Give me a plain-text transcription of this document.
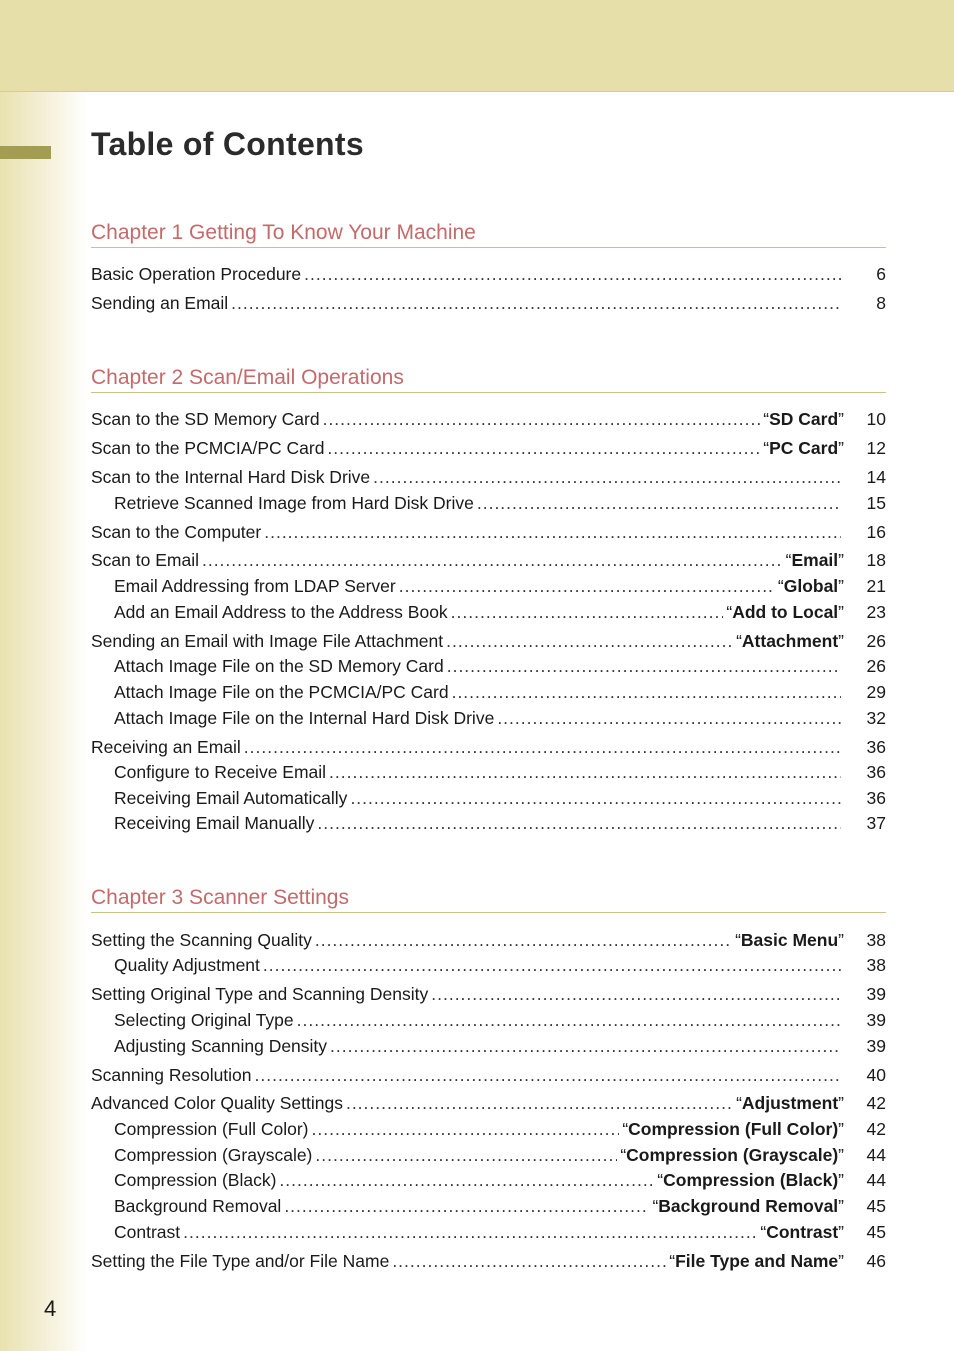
Table of Contents
Chapter 1 Getting To Know Your Machine
Basic Operation Procedure .....	6
Sending an Email .....	8
Chapter 2 Scan/Email Operations
Scan to the SD Memory Card .....	“SD Card”	10
Scan to the PCMCIA/PC Card .....	“PC Card”	12
Scan to the Internal Hard Disk Drive .....	14
Retrieve Scanned Image from Hard Disk Drive .....	15
Scan to the Computer .....	16
Scan to Email .....	“Email”	18
Email Addressing from LDAP Server .....	“Global”	21
Add an Email Address to the Address Book .....	“Add to Local”	23
Sending an Email with Image File Attachment .....	“Attachment”	26
Attach Image File on the SD Memory Card .....	26
Attach Image File on the PCMCIA/PC Card .....	29
Attach Image File on the Internal Hard Disk Drive .....	32
Receiving an Email .....	36
Configure to Receive Email .....	36
Receiving Email Automatically .....	36
Receiving Email Manually .....	37
Chapter 3 Scanner Settings
Setting the Scanning Quality .....	“Basic Menu”	38
Quality Adjustment .....	38
Setting Original Type and Scanning Density .....	39
Selecting Original Type .....	39
Adjusting Scanning Density .....	39
Scanning Resolution .....	40
Advanced Color Quality Settings .....	“Adjustment”	42
Compression (Full Color) .....	“Compression (Full Color)”	42
Compression (Grayscale) .....	“Compression (Grayscale)”	44
Compression (Black) .....	“Compression (Black)”	44
Background Removal .....	“Background Removal”	45
Contrast .....	“Contrast”	45
Setting the File Type and/or File Name .....	“File Type and Name”	46
4
